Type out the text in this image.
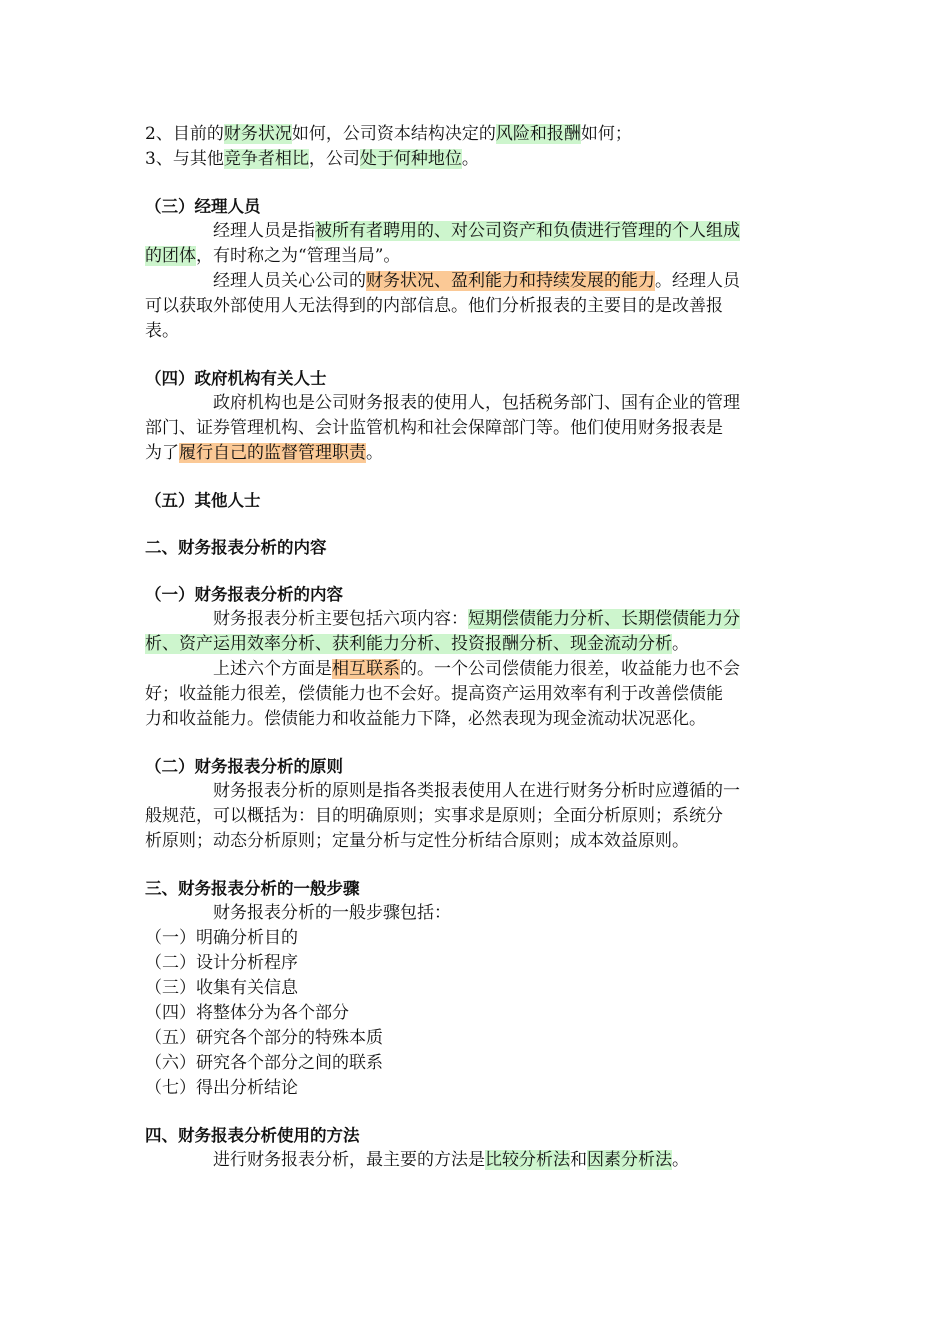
2、目前的财务状况如何，公司资本结构决定的风险和报酬如何；
3、与其他竞争者相比，公司处于何种地位。
（三）经理人员
经理人员是指被所有者聘用的、对公司资产和负债进行管理的个人组成
的团体，有时称之为“管理当局”。
经理人员关心公司的财务状况、盈利能力和持续发展的能力。经理人员
可以获取外部使用人无法得到的内部信息。他们分析报表的主要目的是改善报
表。
（四）政府机构有关人士
政府机构也是公司财务报表的使用人，包括税务部门、国有企业的管理
部门、证券管理机构、会计监管机构和社会保障部门等。他们使用财务报表是
为了履行自己的监督管理职责。
（五）其他人士
二、财务报表分析的内容
（一）财务报表分析的内容
财务报表分析主要包括六项内容：短期偿债能力分析、长期偿债能力分
析、资产运用效率分析、获利能力分析、投资报酬分析、现金流动分析。
上述六个方面是相互联系的。一个公司偿债能力很差，收益能力也不会
好；收益能力很差，偿债能力也不会好。提高资产运用效率有利于改善偿债能
力和收益能力。偿债能力和收益能力下降，必然表现为现金流动状况恶化。
（二）财务报表分析的原则
财务报表分析的原则是指各类报表使用人在进行财务分析时应遵循的一
般规范，可以概括为：目的明确原则；实事求是原则；全面分析原则；系统分
析原则；动态分析原则；定量分析与定性分析结合原则；成本效益原则。
三、财务报表分析的一般步骤
财务报表分析的一般步骤包括：
（一）明确分析目的
（二）设计分析程序
（三）收集有关信息
（四）将整体分为各个部分
（五）研究各个部分的特殊本质
（六）研究各个部分之间的联系
（七）得出分析结论
四、财务报表分析使用的方法
进行财务报表分析，最主要的方法是比较分析法和因素分析法。
